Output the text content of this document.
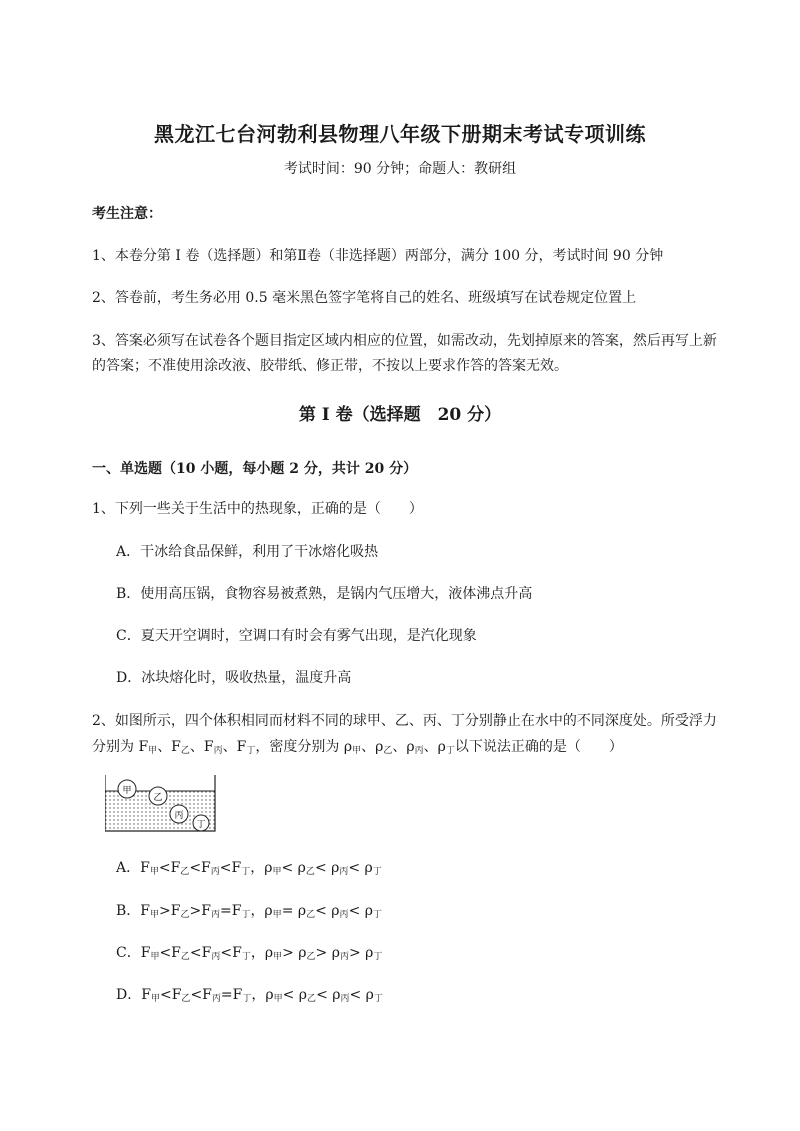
黑龙江七台河勃利县物理八年级下册期末考试专项训练
考试时间：90 分钟；命题人：教研组
考生注意：
1、本卷分第 I 卷（选择题）和第Ⅱ卷（非选择题）两部分，满分 100 分，考试时间 90 分钟
2、答卷前，考生务必用 0.5 毫米黑色签字笔将自己的姓名、班级填写在试卷规定位置上
3、答案必须写在试卷各个题目指定区域内相应的位置，如需改动，先划掉原来的答案，然后再写上新
的答案；不准使用涂改液、胶带纸、修正带，不按以上要求作答的答案无效。
第 I 卷（选择题　20 分）
一、单选题（10 小题，每小题 2 分，共计 20 分）
1、下列一些关于生活中的热现象，正确的是（　　）
A．干冰给食品保鲜，利用了干冰熔化吸热
B．使用高压锅，食物容易被煮熟，是锅内气压增大，液体沸点升高
C．夏天开空调时，空调口有时会有雾气出现，是汽化现象
D．冰块熔化时，吸收热量，温度升高
2、如图所示，四个体积相同而材料不同的球甲、乙、丙、丁分别静止在水中的不同深度处。所受浮力
分别为 $F_甲$、$F_乙$、$F_丙$、$F_丁$，密度分别为 $\rho_甲$、$\rho_乙$、$\rho_丙$、$\rho_丁$以下说法正确的是（　　）
甲
乙
丙
丁
A．$F_甲<F_乙<F_丙<F_丁$，$\rho_甲< \rho_乙< \rho_丙< \rho_丁$
B．$F_甲>F_乙>F_丙=F_丁$，$\rho_甲= \rho_乙< \rho_丙< \rho_丁$
C．$F_甲<F_乙<F_丙<F_丁$，$\rho_甲> \rho_乙> \rho_丙> \rho_丁$
D．$F_甲<F_乙<F_丙=F_丁$，$\rho_甲< \rho_乙< \rho_丙< \rho_丁$
